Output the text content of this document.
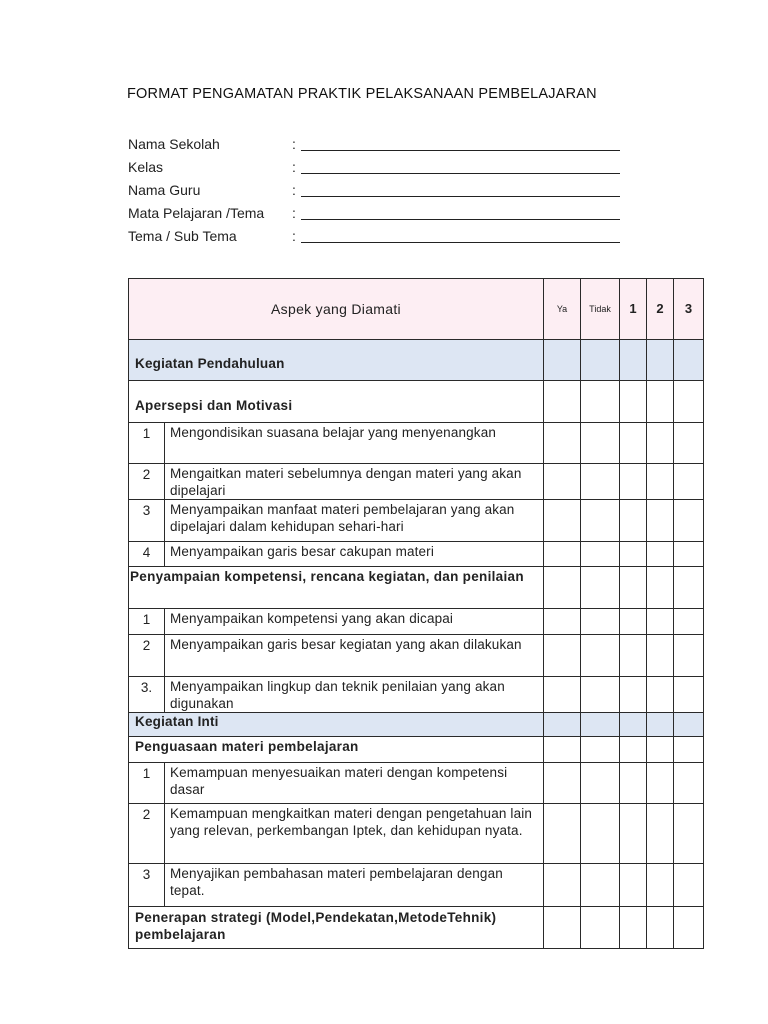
FORMAT PENGAMATAN PRAKTIK PELAKSANAAN PEMBELAJARAN
Nama Sekolah	:
Kelas	:
Nama Guru	:
Mata Pelajaran /Tema :
Tema / Sub Tema	:
Aspek yang Diamati		Ya	Tidak	1	2	3
Kegiatan Pendahuluan						
Apersepsi dan Motivasi						
1	Mengondisikan suasana belajar yang menyenangkan					
2	Mengaitkan materi sebelumnya dengan materi yang akan dipelajari					
3	Menyampaikan manfaat materi pembelajaran yang akan dipelajari dalam kehidupan sehari-hari					
4	Menyampaikan garis besar cakupan materi					
Penyampaian kompetensi, rencana kegiatan, dan penilaian						
1	Menyampaikan kompetensi yang akan dicapai					
2	Menyampaikan garis besar kegiatan yang akan dilakukan					
3.	Menyampaikan lingkup dan teknik penilaian yang akan digunakan					
Kegiatan Inti						
Penguasaan materi pembelajaran						
1	Kemampuan menyesuaikan materi dengan kompetensi dasar					
2	Kemampuan mengkaitkan materi dengan pengetahuan lain yang relevan, perkembangan Iptek, dan kehidupan nyata.					
3	Menyajikan pembahasan materi pembelajaran dengan tepat.					
Penerapan strategi (Model,Pendekatan,MetodeTehnik) pembelajaran						
